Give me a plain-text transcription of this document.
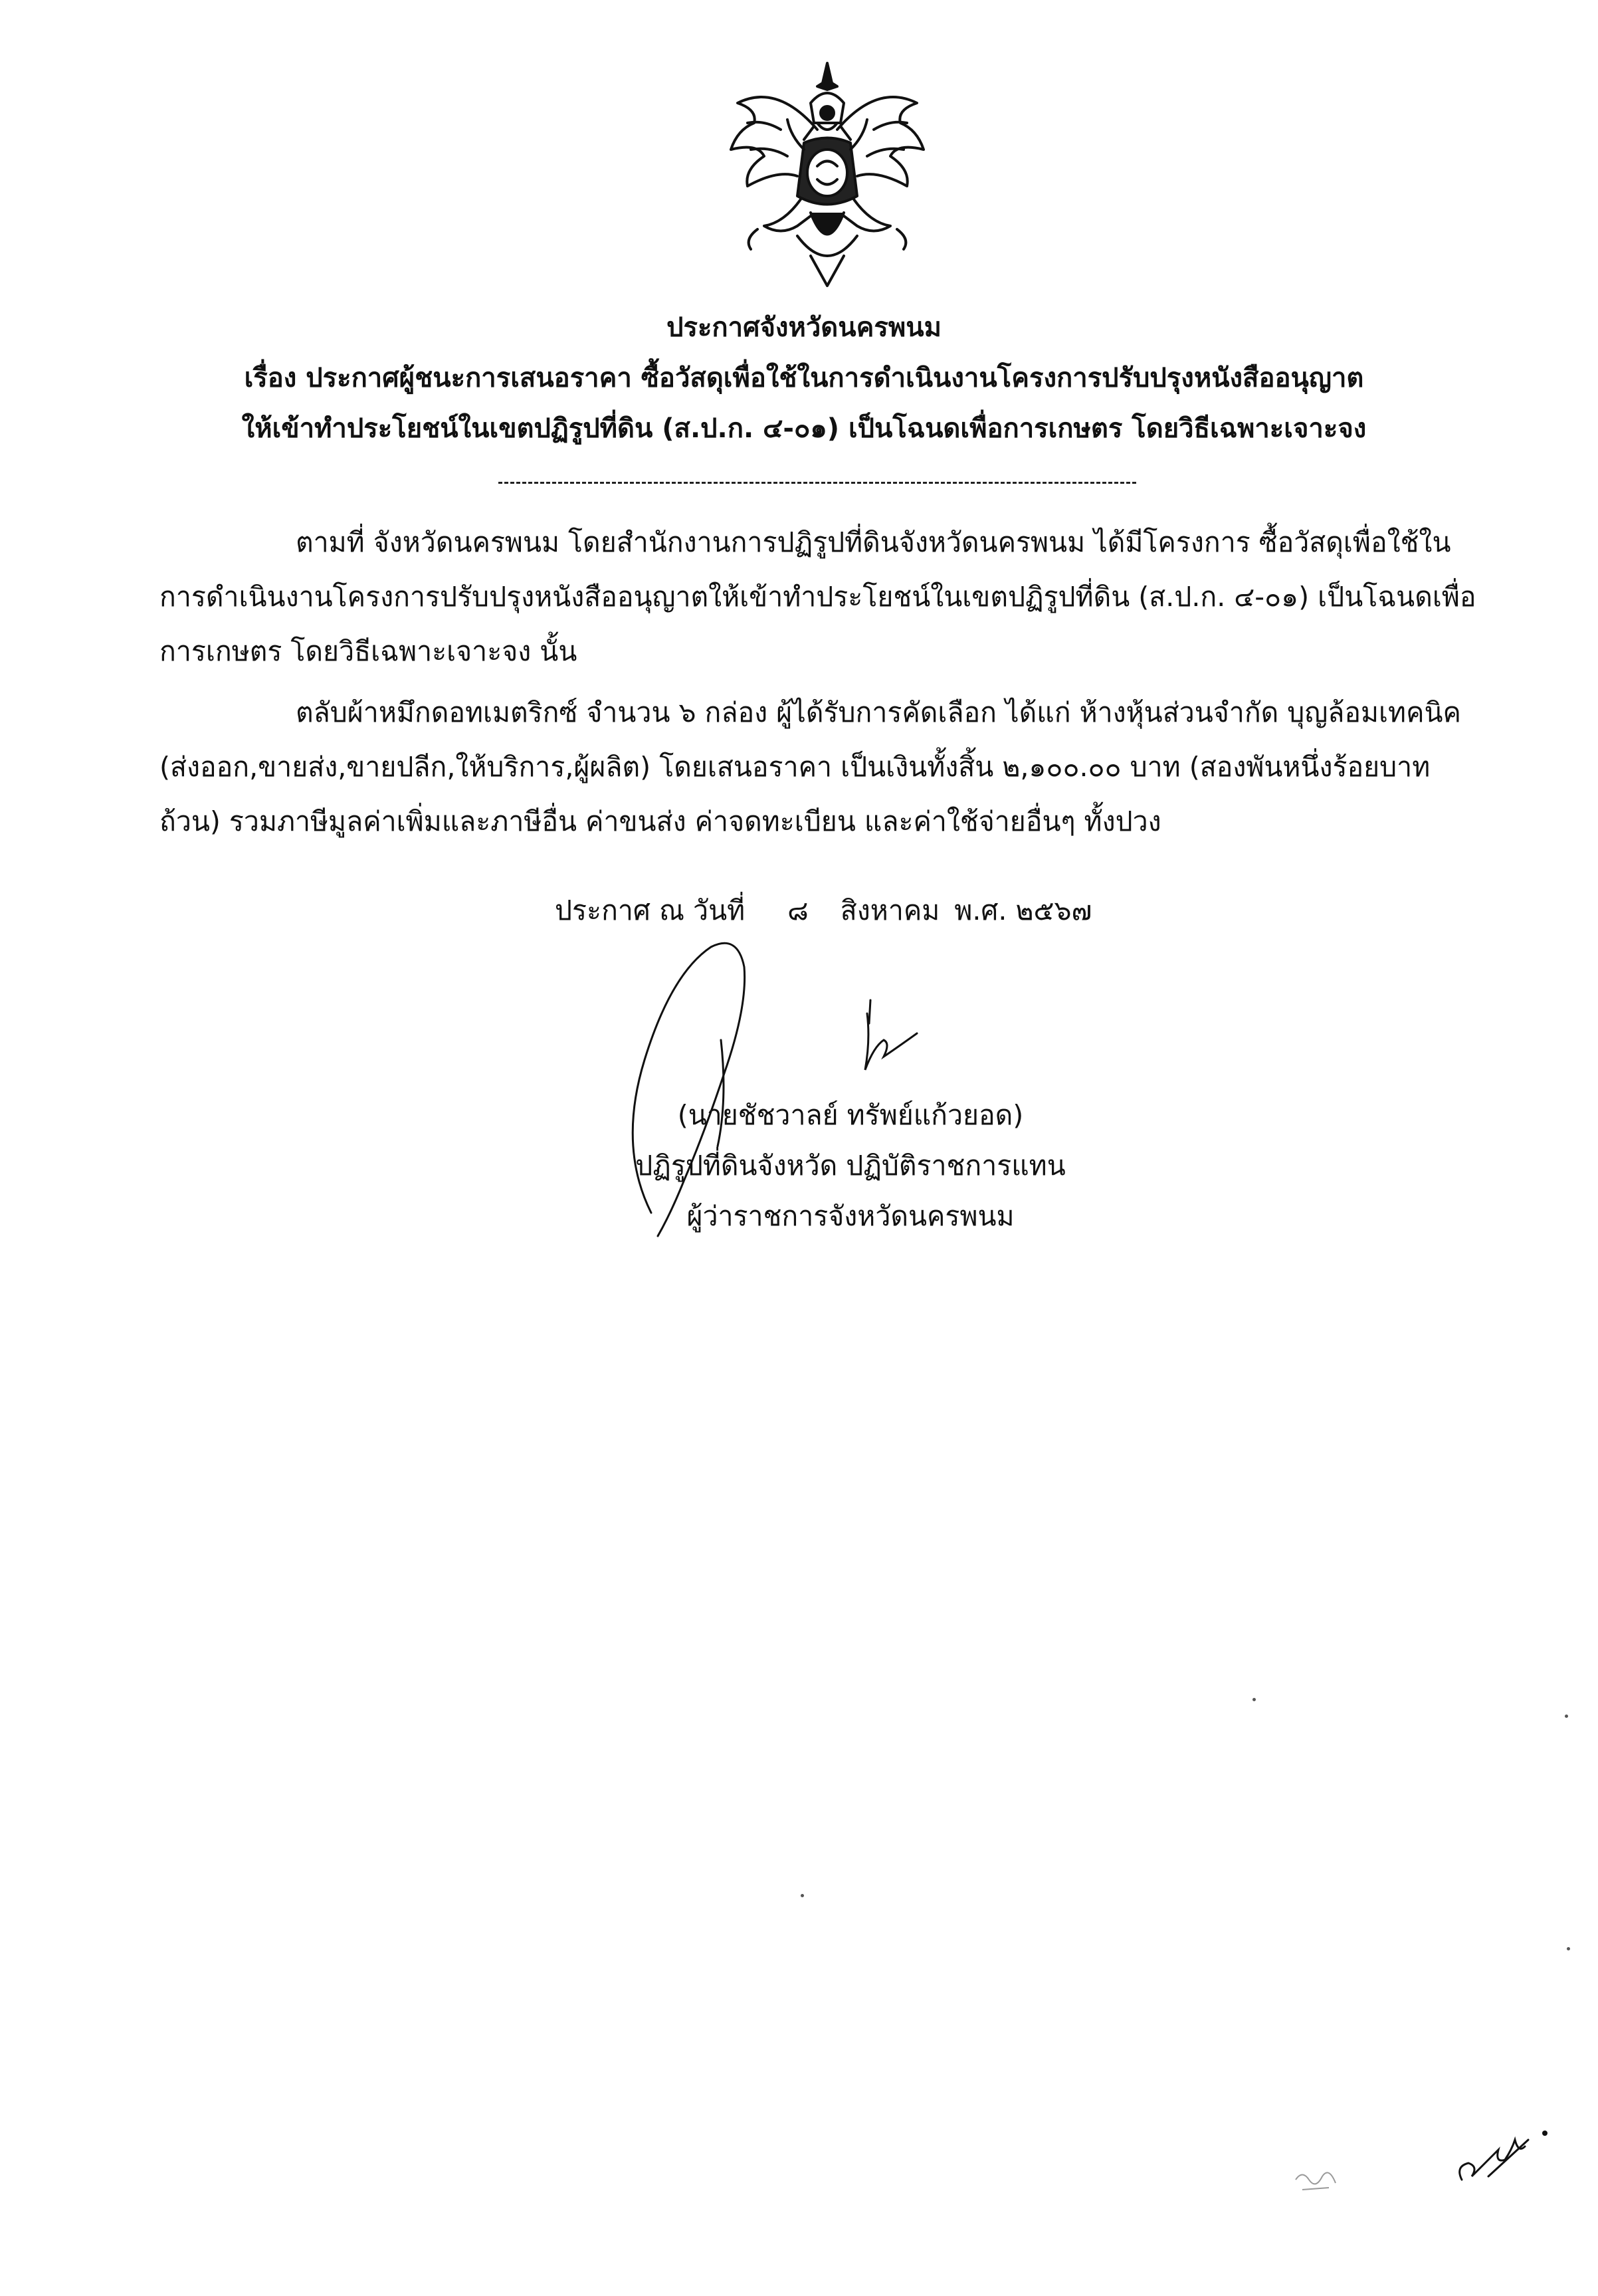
ประกาศจังหวัดนครพนม
เรื่อง ประกาศผู้ชนะการเสนอราคา ซื้อวัสดุเพื่อใช้ในการดำเนินงานโครงการปรับปรุงหนังสืออนุญาต
ให้เข้าทำประโยชน์ในเขตปฏิรูปที่ดิน (ส.ป.ก. ๔-๐๑) เป็นโฉนดเพื่อการเกษตร โดยวิธีเฉพาะเจาะจง

ตามที่ จังหวัดนครพนม โดยสำนักงานการปฏิรูปที่ดินจังหวัดนครพนม ได้มีโครงการ ซื้อวัสดุเพื่อใช้ในการดำเนินงานโครงการปรับปรุงหนังสืออนุญาตให้เข้าทำประโยชน์ในเขตปฏิรูปที่ดิน (ส.ป.ก. ๔-๐๑) เป็นโฉนดเพื่อการเกษตร โดยวิธีเฉพาะเจาะจง นั้น

ตลับผ้าหมึกดอทเมตริกซ์ จำนวน ๖ กล่อง ผู้ได้รับการคัดเลือก ได้แก่ ห้างหุ้นส่วนจำกัด บุญล้อมเทคนิค (ส่งออก,ขายส่ง,ขายปลีก,ให้บริการ,ผู้ผลิต) โดยเสนอราคา เป็นเงินทั้งสิ้น ๒,๑๐๐.๐๐ บาท (สองพันหนึ่งร้อยบาทถ้วน) รวมภาษีมูลค่าเพิ่มและภาษีอื่น ค่าขนส่ง ค่าจดทะเบียน และค่าใช้จ่ายอื่นๆ ทั้งปวง

ประกาศ ณ วันที่ ๘ สิงหาคม พ.ศ. ๒๕๖๗
(นายชัชวาลย์ ทรัพย์แก้วยอด)
ปฏิรูปที่ดินจังหวัด ปฏิบัติราชการแทน
ผู้ว่าราชการจังหวัดนครพนม
